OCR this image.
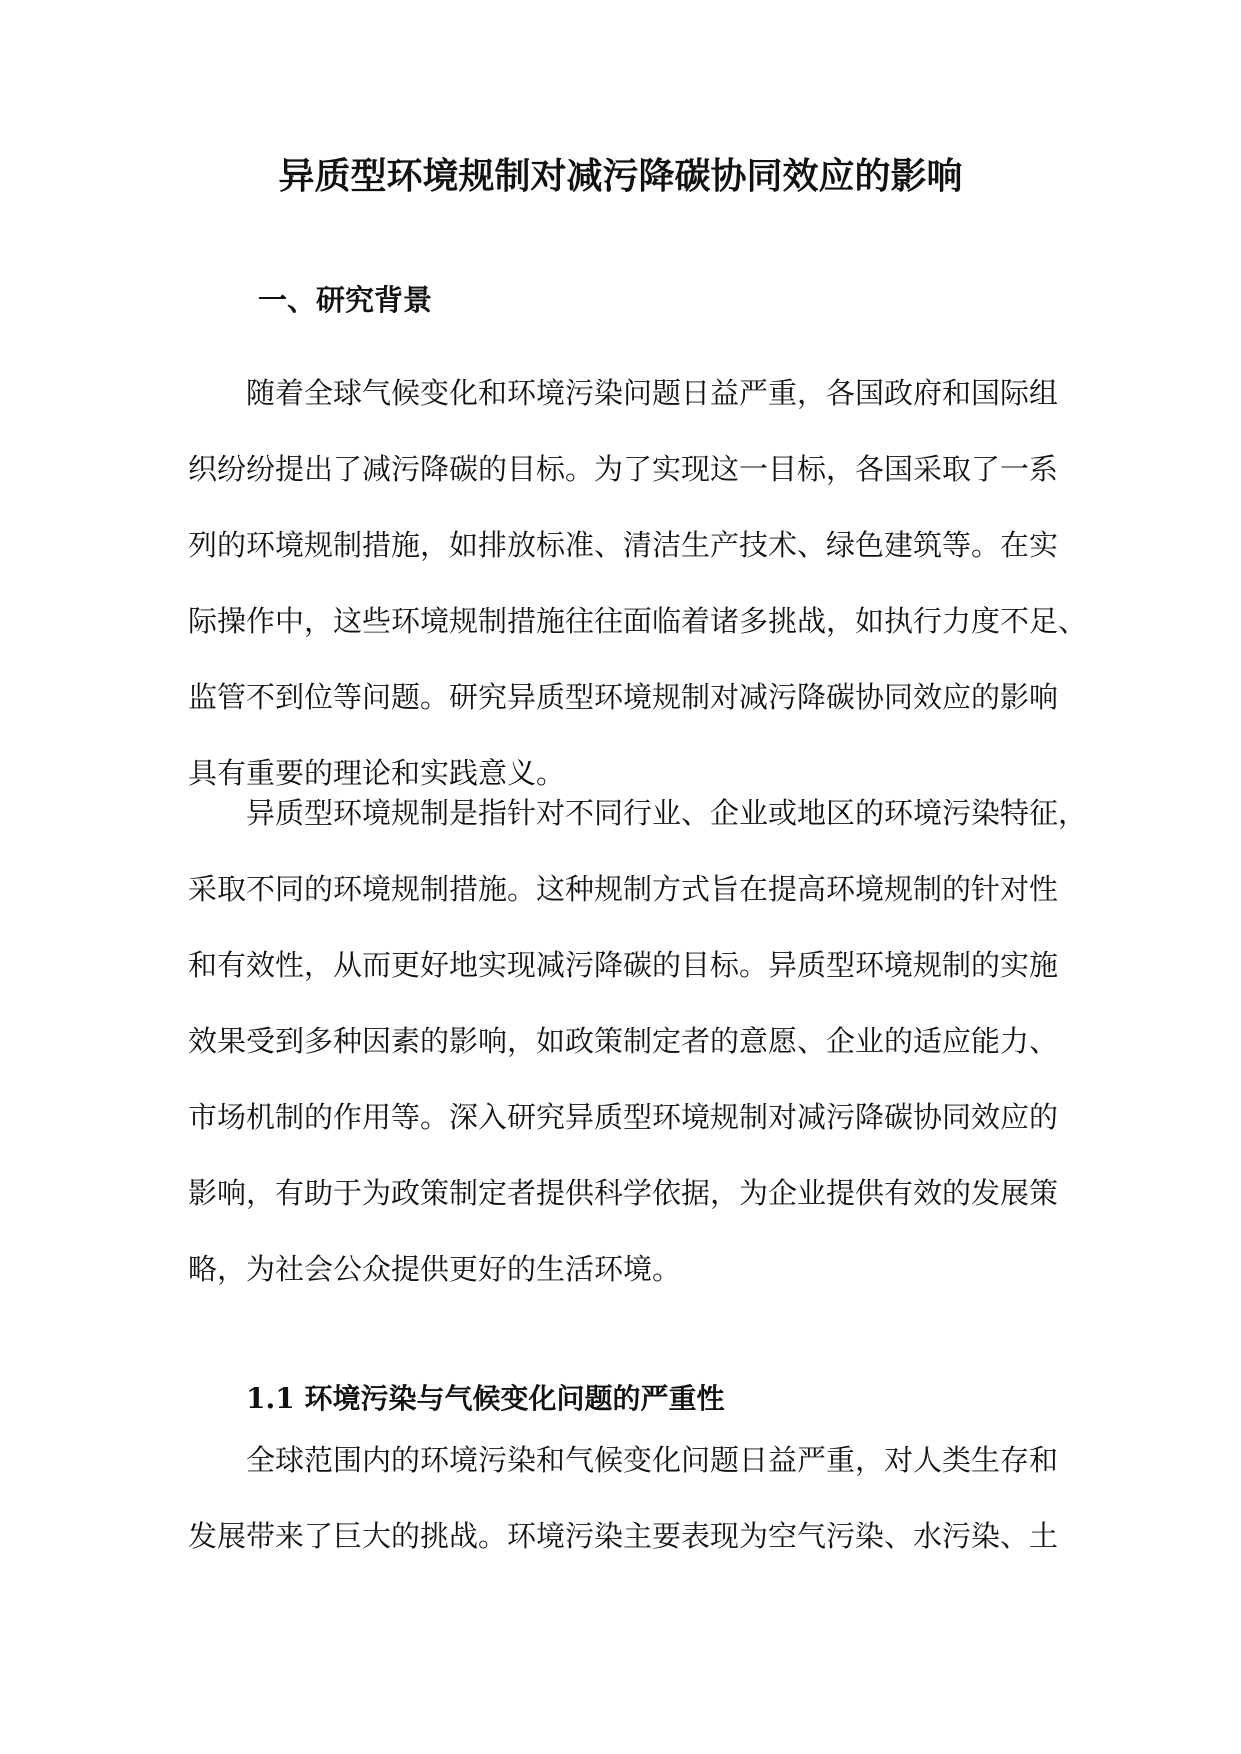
异质型环境规制对减污降碳协同效应的影响
一、研究背景

随着全球气候变化和环境污染问题日益严重，各国政府和国际组
织纷纷提出了减污降碳的目标。为了实现这一目标，各国采取了一系
列的环境规制措施，如排放标准、清洁生产技术、绿色建筑等。在实
际操作中，这些环境规制措施往往面临着诸多挑战，如执行力度不足、
监管不到位等问题。研究异质型环境规制对减污降碳协同效应的影响
具有重要的理论和实践意义。

异质型环境规制是指针对不同行业、企业或地区的环境污染特征，
采取不同的环境规制措施。这种规制方式旨在提高环境规制的针对性
和有效性，从而更好地实现减污降碳的目标。异质型环境规制的实施
效果受到多种因素的影响，如政策制定者的意愿、企业的适应能力、
市场机制的作用等。深入研究异质型环境规制对减污降碳协同效应的
影响，有助于为政策制定者提供科学依据，为企业提供有效的发展策
略，为社会公众提供更好的生活环境。

1.1 环境污染与气候变化问题的严重性

全球范围内的环境污染和气候变化问题日益严重，对人类生存和
发展带来了巨大的挑战。环境污染主要表现为空气污染、水污染、土
